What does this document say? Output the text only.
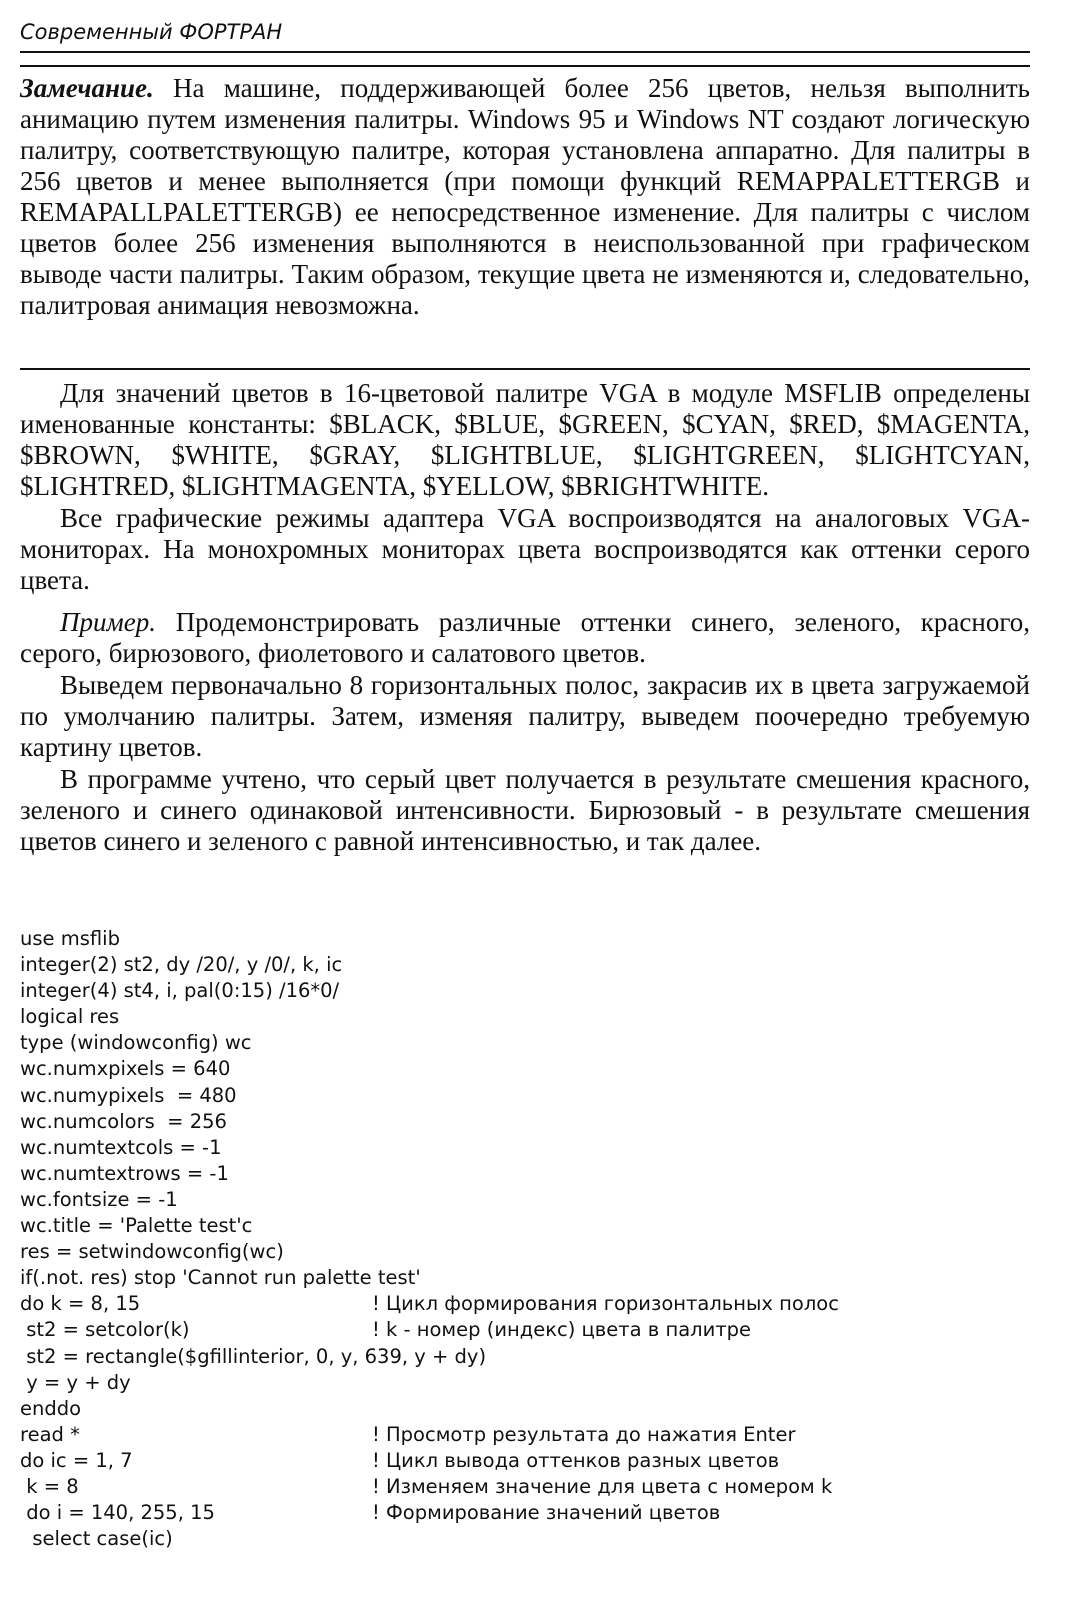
Современный ФОРТРАН
Замечание. На машине, поддерживающей более 256 цветов, нельзя выполнить анимацию путем изменения палитры. Windows 95 и Windows NT создают логическую палитру, соответствующую палитре, которая установлена аппаратно. Для палитры в 256 цветов и менее выполняется (при помощи функций REMAPPALETTERGB и REMAPALLPALETTERGB) ее непосредственное изменение. Для палитры с числом цветов более 256 изменения выполняются в неиспользованной при графическом выводе части палитры. Таким образом, текущие цвета не изменяются и, следовательно, палитровая анимация невозможна.

Для значений цветов в 16-цветовой палитре VGA в модуле MSFLIB определены именованные константы: $BLACK, $BLUE, $GREEN, $CYAN, $RED, $MAGENTA, $BROWN, $WHITE, $GRAY, $LIGHTBLUE, $LIGHTGREEN, $LIGHTCYAN, $LIGHTRED, $LIGHTMAGENTA, $YELLOW, $BRIGHTWHITE.

Все графические режимы адаптера VGA воспроизводятся на аналоговых VGA-мониторах. На монохромных мониторах цвета воспроизводятся как оттенки серого цвета.

Пример. Продемонстрировать различные оттенки синего, зеленого, красного, серого, бирюзового, фиолетового и салатового цветов.

Выведем первоначально 8 горизонтальных полос, закрасив их в цвета загружаемой по умолчанию палитры. Затем, изменяя палитру, выведем поочередно требуемую картину цветов.

В программе учтено, что серый цвет получается в результате смешения красного, зеленого и синего одинаковой интенсивности. Бирюзовый - в результате смешения цветов синего и зеленого с равной интенсивностью, и так далее.

use msflib
integer(2) st2, dy /20/, y /0/, k, ic
integer(4) st4, i, pal(0:15) /16*0/
logical res
type (windowconfig) wc
wc.numxpixels = 640
wc.numypixels  = 480
wc.numcolors  = 256
wc.numtextcols = -1
wc.numtextrows = -1
wc.fontsize = -1
wc.title = 'Palette test'c
res = setwindowconfig(wc)
if(.not. res) stop 'Cannot run palette test'
do k = 8, 15	! Цикл формирования горизонтальных полос
st2 = setcolor(k)	! k - номер (индекс) цвета в палитре
st2 = rectangle($gfillinterior, 0, y, 639, y + dy)
y = y + dy
enddo
read *	! Просмотр результата до нажатия Enter
do ic = 1, 7	! Цикл вывода оттенков разных цветов
k = 8	! Изменяем значение для цвета с номером k
do i = 140, 255, 15	! Формирование значений цветов
select case(ic)
